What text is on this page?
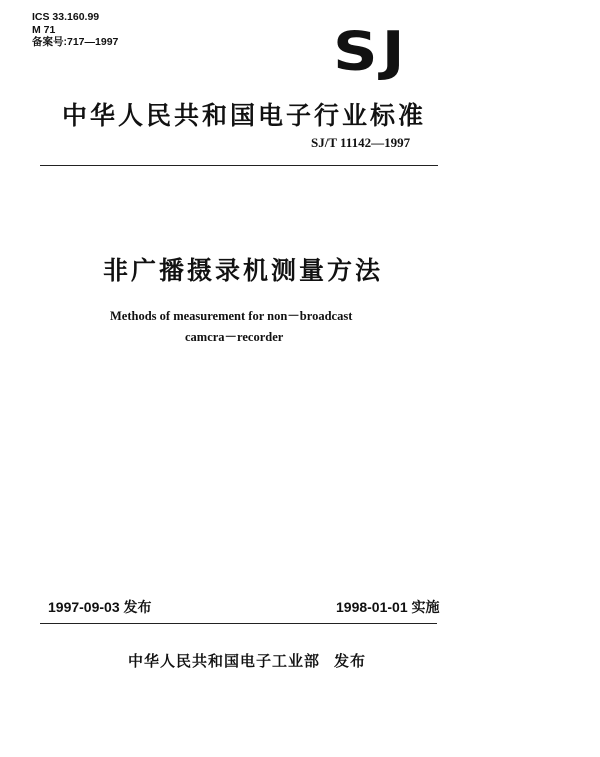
ICS 33.160.99
M 71
备案号:717—1997	SJ
中华人民共和国电子行业标准
SJ/T 11142—1997
非广播摄录机测量方法
Methods of measurement for non－broadcast
camcra－recorder
1997-09-03 发布	1998-01-01 实施
中华人民共和国电子工业部 发布
